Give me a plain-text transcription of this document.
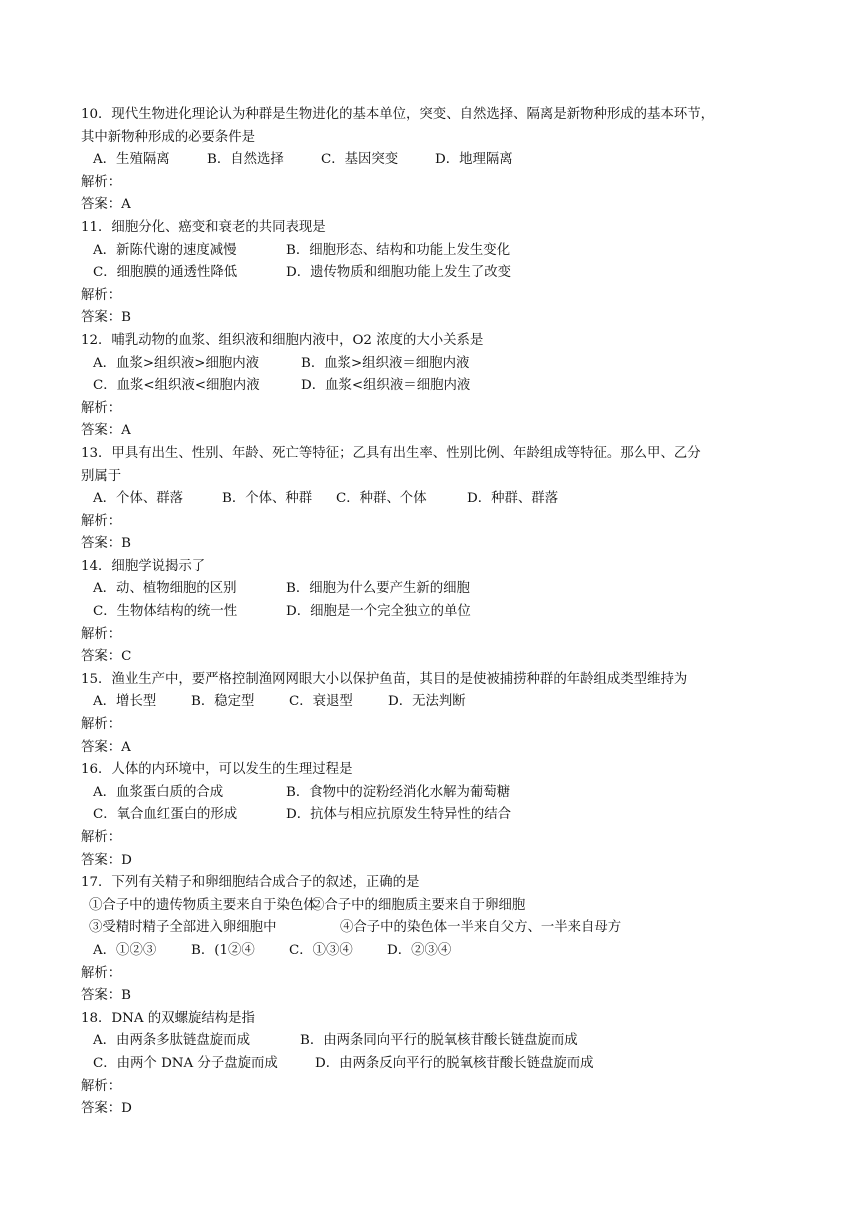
10．现代生物进化理论认为种群是生物进化的基本单位，突变、自然选择、隔离是新物种形成的基本环节，
其中新物种形成的必要条件是
A．生殖隔离	B．自然选择	C．基因突变	D．地理隔离
解析：
答案：A
11．细胞分化、癌变和衰老的共同表现是
A．新陈代谢的速度减慢	B．细胞形态、结构和功能上发生变化
C．细胞膜的通透性降低	D．遗传物质和细胞功能上发生了改变
解析：
答案：B
12．哺乳动物的血浆、组织液和细胞内液中，O2 浓度的大小关系是
A．血浆>组织液>细胞内液	B．血浆>组织液＝细胞内液
C．血浆<组织液<细胞内液	D．血浆<组织液＝细胞内液
解析：
答案：A
13．甲具有出生、性别、年龄、死亡等特征；乙具有出生率、性别比例、年龄组成等特征。那么甲、乙分
别属于
A．个体、群落	B．个体、种群 C．种群、个体	D．种群、群落
解析：
答案：B
14．细胞学说揭示了
A．动、植物细胞的区别	B．细胞为什么要产生新的细胞
C．生物体结构的统一性	D．细胞是一个完全独立的单位
解析：
答案：C
15．渔业生产中，要严格控制渔网网眼大小以保护鱼苗，其目的是使被捕捞种群的年龄组成类型维持为
A．增长型	B．稳定型	C．衰退型	D．无法判断
解析：
答案：A
16．人体的内环境中，可以发生的生理过程是
A．血浆蛋白质的合成	B．食物中的淀粉经消化水解为葡萄糖
C．氧合血红蛋白的形成	D．抗体与相应抗原发生特异性的结合
解析：
答案：D
17．下列有关精子和卵细胞结合成合子的叙述，正确的是
①合子中的遗传物质主要来自于染色体②合子中的细胞质主要来自于卵细胞
③受精时精子全部进入卵细胞中	④合子中的染色体一半来自父方、一半来自母方
A．①②③	B．(1②④	C．①③④	D．②③④
解析：
答案：B
18．DNA 的双螺旋结构是指
A．由两条多肽链盘旋而成	B．由两条同向平行的脱氧核苷酸长链盘旋而成
C．由两个 DNA 分子盘旋而成	D．由两条反向平行的脱氧核苷酸长链盘旋而成
解析：
答案：D
